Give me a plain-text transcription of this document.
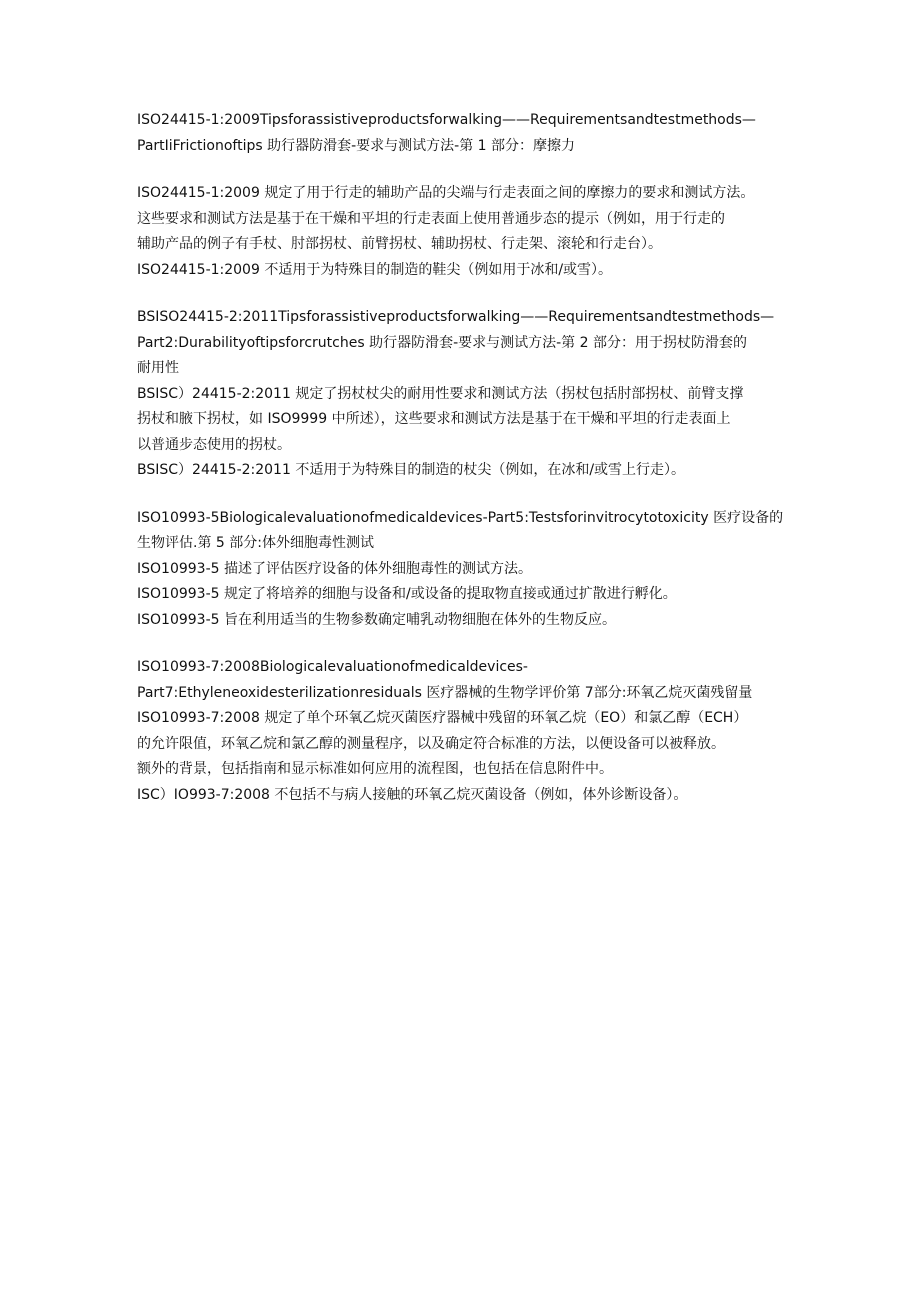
ISO24415-1:2009Tipsforassistiveproductsforwalking——Requirementsandtestmethods—
PartIiFrictionoftips 助行器防滑套-要求与测试方法-第 1 部分：摩擦力
ISO24415-1:2009 规定了用于行走的辅助产品的尖端与行走表面之间的摩擦力的要求和测试方法。
这些要求和测试方法是基于在干燥和平坦的行走表面上使用普通步态的提示（例如，用于行走的
辅助产品的例子有手杖、肘部拐杖、前臂拐杖、辅助拐杖、行走架、滚轮和行走台）。
ISO24415-1:2009 不适用于为特殊目的制造的鞋尖（例如用于冰和/或雪）。
BSISO24415-2:2011Tipsforassistiveproductsforwalking——Requirementsandtestmethods—
Part2:Durabilityoftipsforcrutches 助行器防滑套-要求与测试方法-第 2 部分：用于拐杖防滑套的
耐用性
BSISC）24415-2:2011 规定了拐杖杖尖的耐用性要求和测试方法（拐杖包括肘部拐杖、前臂支撑
拐杖和腋下拐杖，如 ISO9999 中所述），这些要求和测试方法是基于在干燥和平坦的行走表面上
以普通步态使用的拐杖。
BSISC）24415-2:2011 不适用于为特殊目的制造的杖尖（例如，在冰和/或雪上行走）。
ISO10993-5Biologicalevaluationofmedicaldevices-Part5:Testsforinvitrocytotoxicity 医疗设备的
生物评估.第 5 部分:体外细胞毒性测试
ISO10993-5 描述了评估医疗设备的体外细胞毒性的测试方法。
ISO10993-5 规定了将培养的细胞与设备和/或设备的提取物直接或通过扩散进行孵化。
ISO10993-5 旨在利用适当的生物参数确定哺乳动物细胞在体外的生物反应。
ISO10993-7:2008Biologicalevaluationofmedicaldevices-
Part7:Ethyleneoxidesterilizationresiduals 医疗器械的生物学评价第 7部分:环氧乙烷灭菌残留量
ISO10993-7:2008 规定了单个环氧乙烷灭菌医疗器械中残留的环氧乙烷（EO）和氯乙醇（ECH）
的允许限值，环氧乙烷和氯乙醇的测量程序，以及确定符合标准的方法，以便设备可以被释放。
额外的背景，包括指南和显示标准如何应用的流程图，也包括在信息附件中。
ISC）IO993-7:2008 不包括不与病人接触的环氧乙烷灭菌设备（例如，体外诊断设备）。
